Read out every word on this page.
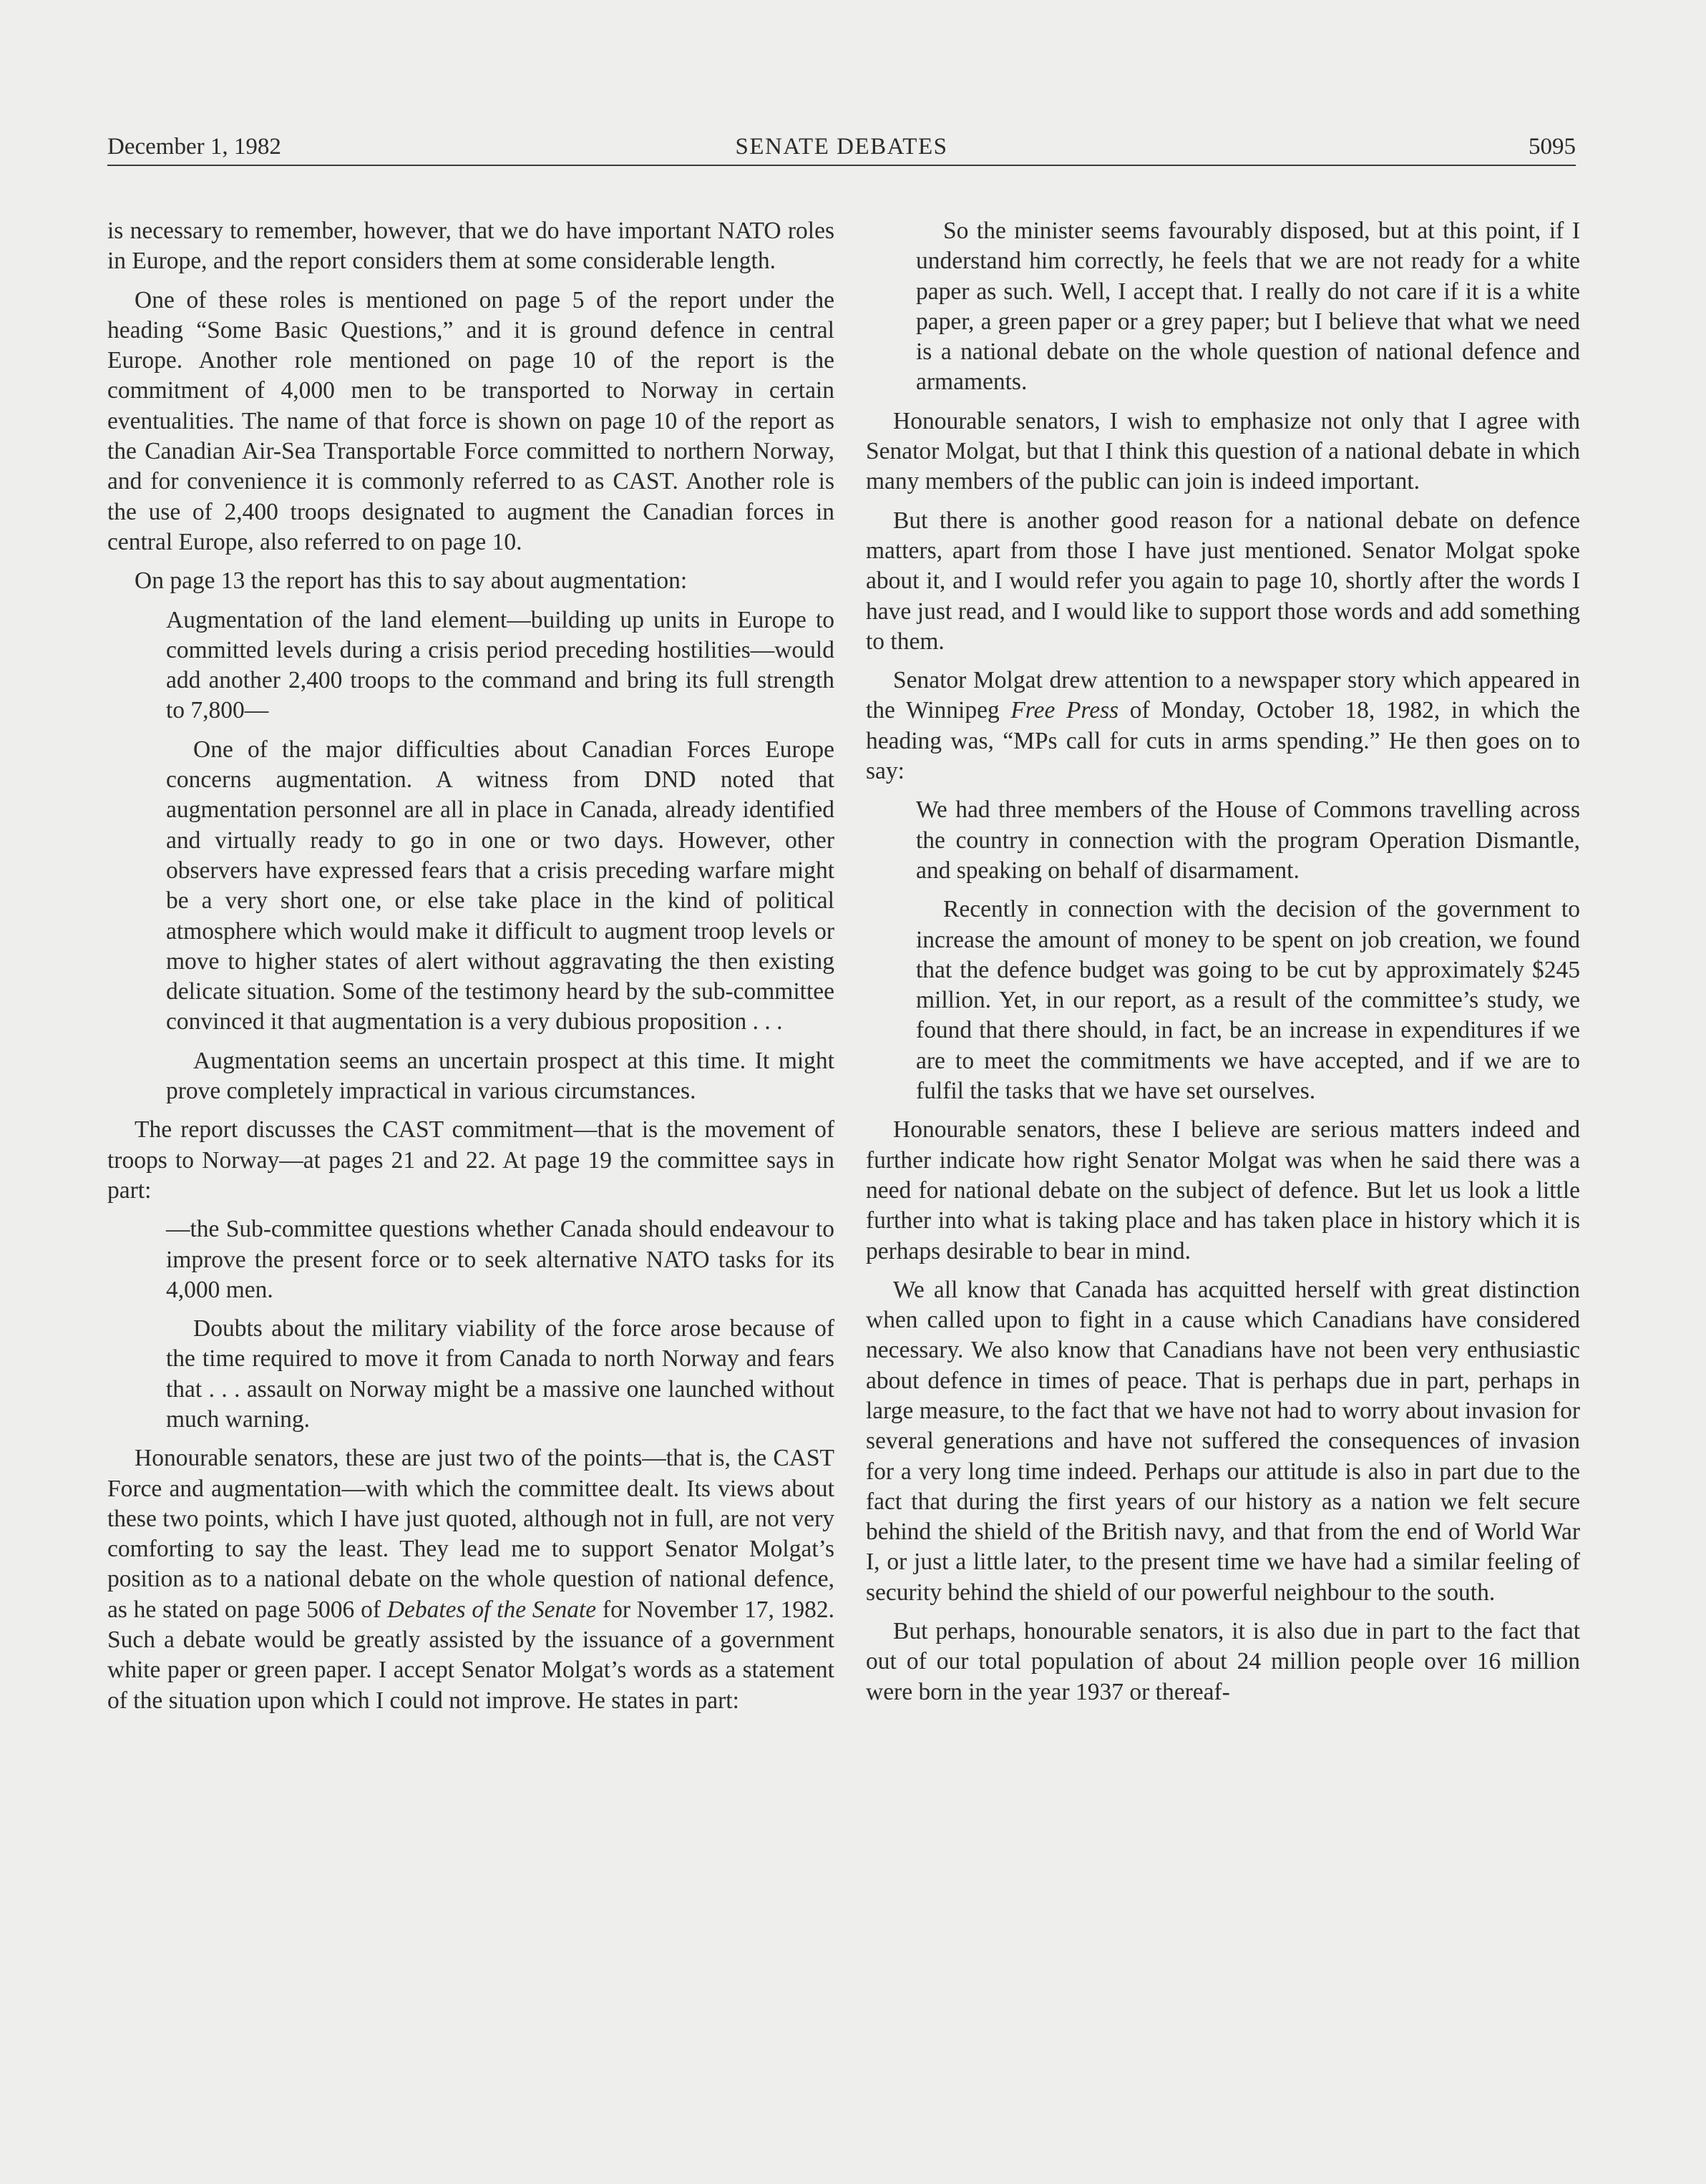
December 1, 1982	SENATE DEBATES	5095

is necessary to remember, however, that we do have important NATO roles in Europe, and the report considers them at some considerable length.

One of these roles is mentioned on page 5 of the report under the heading “Some Basic Questions,” and it is ground defence in central Europe. Another role mentioned on page 10 of the report is the commitment of 4,000 men to be transported to Norway in certain eventualities. The name of that force is shown on page 10 of the report as the Canadian Air-Sea Transportable Force committed to northern Norway, and for convenience it is commonly referred to as CAST. Another role is the use of 2,400 troops designated to augment the Canadian forces in central Europe, also referred to on page 10.

On page 13 the report has this to say about augmentation:

Augmentation of the land element—building up units in Europe to committed levels during a crisis period preceding hostilities—would add another 2,400 troops to the command and bring its full strength to 7,800—

One of the major difficulties about Canadian Forces Europe concerns augmentation. A witness from DND noted that augmentation personnel are all in place in Canada, already identified and virtually ready to go in one or two days. However, other observers have expressed fears that a crisis preceding warfare might be a very short one, or else take place in the kind of political atmosphere which would make it difficult to augment troop levels or move to higher states of alert without aggravating the then existing delicate situation. Some of the testimony heard by the sub-committee convinced it that augmentation is a very dubious proposition . . .

Augmentation seems an uncertain prospect at this time. It might prove completely impractical in various circumstances.

The report discusses the CAST commitment—that is the movement of troops to Norway—at pages 21 and 22. At page 19 the committee says in part:

—the Sub-committee questions whether Canada should endeavour to improve the present force or to seek alternative NATO tasks for its 4,000 men.

Doubts about the military viability of the force arose because of the time required to move it from Canada to north Norway and fears that . . . assault on Norway might be a massive one launched without much warning.

Honourable senators, these are just two of the points—that is, the CAST Force and augmentation—with which the committee dealt. Its views about these two points, which I have just quoted, although not in full, are not very comforting to say the least. They lead me to support Senator Molgat’s position as to a national debate on the whole question of national defence, as he stated on page 5006 of Debates of the Senate for November 17, 1982. Such a debate would be greatly assisted by the issuance of a government white paper or green paper. I accept Senator Molgat’s words as a statement of the situation upon which I could not improve. He states in part:

So the minister seems favourably disposed, but at this point, if I understand him correctly, he feels that we are not ready for a white paper as such. Well, I accept that. I really do not care if it is a white paper, a green paper or a grey paper; but I believe that what we need is a national debate on the whole question of national defence and armaments.

Honourable senators, I wish to emphasize not only that I agree with Senator Molgat, but that I think this question of a national debate in which many members of the public can join is indeed important.

But there is another good reason for a national debate on defence matters, apart from those I have just mentioned. Senator Molgat spoke about it, and I would refer you again to page 10, shortly after the words I have just read, and I would like to support those words and add something to them.

Senator Molgat drew attention to a newspaper story which appeared in the Winnipeg Free Press of Monday, October 18, 1982, in which the heading was, “MPs call for cuts in arms spending.” He then goes on to say:

We had three members of the House of Commons travelling across the country in connection with the program Operation Dismantle, and speaking on behalf of disarmament.

Recently in connection with the decision of the government to increase the amount of money to be spent on job creation, we found that the defence budget was going to be cut by approximately $245 million. Yet, in our report, as a result of the committee’s study, we found that there should, in fact, be an increase in expenditures if we are to meet the commitments we have accepted, and if we are to fulfil the tasks that we have set ourselves.

Honourable senators, these I believe are serious matters indeed and further indicate how right Senator Molgat was when he said there was a need for national debate on the subject of defence. But let us look a little further into what is taking place and has taken place in history which it is perhaps desirable to bear in mind.

We all know that Canada has acquitted herself with great distinction when called upon to fight in a cause which Canadians have considered necessary. We also know that Canadians have not been very enthusiastic about defence in times of peace. That is perhaps due in part, perhaps in large measure, to the fact that we have not had to worry about invasion for several generations and have not suffered the consequences of invasion for a very long time indeed. Perhaps our attitude is also in part due to the fact that during the first years of our history as a nation we felt secure behind the shield of the British navy, and that from the end of World War I, or just a little later, to the present time we have had a similar feeling of security behind the shield of our powerful neighbour to the south.

But perhaps, honourable senators, it is also due in part to the fact that out of our total population of about 24 million people over 16 million were born in the year 1937 or thereaf-
